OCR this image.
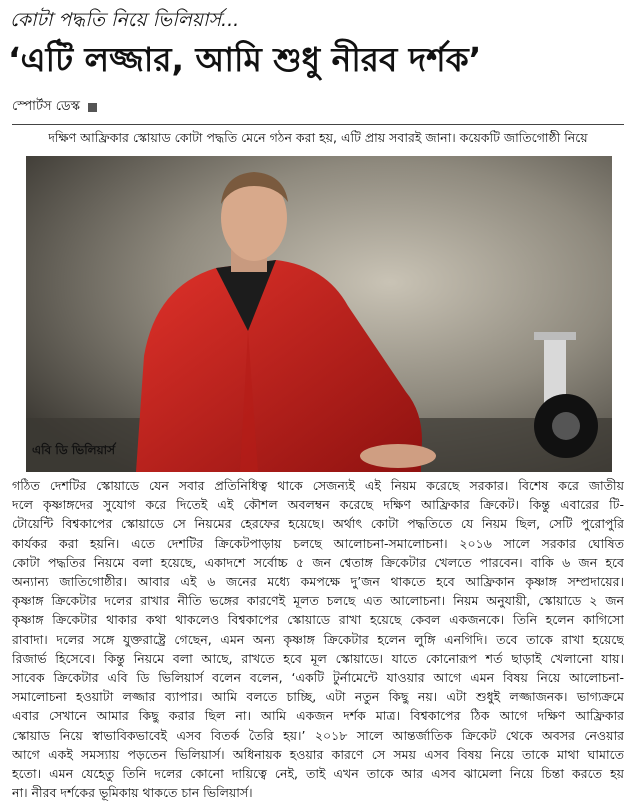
কোটা পদ্ধতি নিয়ে ভিলিয়ার্স...
‘এটি লজ্জার, আমি শুধু নীরব দর্শক’
স্পোর্টস ডেস্ক
দক্ষিণ আফ্রিকার স্কোয়াড কোটা পদ্ধতি মেনে গঠন করা হয়, এটি প্রায় সবারই জানা। কয়েকটি জাতিগোষ্ঠী নিয়ে
এবি ডি ভিলিয়ার্স
গঠিত দেশটির স্কোয়াডে যেন সবার প্রতিনিধিত্ব থাকে সেজন্যই এই নিয়ম করেছে সরকার। বিশেষ করে জাতীয়
দলে কৃষ্ণাঙ্গদের সুযোগ করে দিতেই এই কৌশল অবলম্বন করেছে দক্ষিণ আফ্রিকার ক্রিকেট। কিন্তু এবারের টি-
টোয়েন্টি বিশ্বকাপের স্কোয়াডে সে নিয়মের হেরফের হয়েছে। অর্থাৎ কোটা পদ্ধতিতে যে নিয়ম ছিল, সেটি পুরোপুরি
কার্যকর করা হয়নি। এতে দেশটির ক্রিকেটপাড়ায় চলছে আলোচনা-সমালোচনা। ২০১৬ সালে সরকার ঘোষিত
কোটা পদ্ধতির নিয়মে বলা হয়েছে, একাদশে সর্বোচ্চ ৫ জন শ্বেতাঙ্গ ক্রিকেটার খেলতে পারবেন। বাকি ৬ জন হবে
অন্যান্য জাতিগোষ্ঠীর। আবার এই ৬ জনের মধ্যে কমপক্ষে দু’জন থাকতে হবে আফ্রিকান কৃষ্ণাঙ্গ সম্প্রদায়ের।
কৃষ্ণাঙ্গ ক্রিকেটার দলের রাখার নীতি ভঙ্গের কারণেই মূলত চলছে এত আলোচনা। নিয়ম অনুযায়ী, স্কোয়াডে ২ জন
কৃষ্ণাঙ্গ ক্রিকেটার থাকার কথা থাকলেও বিশ্বকাপের স্কোয়াডে রাখা হয়েছে কেবল একজনকে। তিনি হলেন কাগিসো
রাবাদা। দলের সঙ্গে যুক্তরাষ্ট্রে গেছেন, এমন অন্য কৃষ্ণাঙ্গ ক্রিকেটার হলেন লুঙ্গি এনগিদি। তবে তাকে রাখা হয়েছে
রিজার্ভ হিসেবে। কিন্তু নিয়মে বলা আছে, রাখতে হবে মূল স্কোয়াডে। যাতে কোনোরূপ শর্ত ছাড়াই খেলানো যায়।
সাবেক ক্রিকেটার এবি ডি ভিলিয়ার্স বলেন বলেন, ‘একটি টুর্নামেন্টে যাওয়ার আগে এমন বিষয় নিয়ে আলোচনা-
সমালোচনা হওয়াটা লজ্জার ব্যাপার। আমি বলতে চাচ্ছি, এটা নতুন কিছু নয়। এটা শুধুই লজ্জাজনক। ভাগ্যক্রমে
এবার সেখানে আমার কিছু করার ছিল না। আমি একজন দর্শক মাত্র। বিশ্বকাপের ঠিক আগে দক্ষিণ আফ্রিকার
স্কোয়াড নিয়ে স্বাভাবিকভাবেই এসব বিতর্ক তৈরি হয়।’ ২০১৮ সালে আন্তর্জাতিক ক্রিকেট থেকে অবসর নেওয়ার
আগে একই সমস্যায় পড়তেন ভিলিয়ার্স। অধিনায়ক হওয়ার কারণে সে সময় এসব বিষয় নিয়ে তাকে মাথা ঘামাতে
হতো। এমন যেহেতু তিনি দলের কোনো দায়িত্বে নেই, তাই এখন তাকে আর এসব ঝামেলা নিয়ে চিন্তা করতে হয়
না। নীরব দর্শকের ভূমিকায় থাকতে চান ভিলিয়ার্স।
